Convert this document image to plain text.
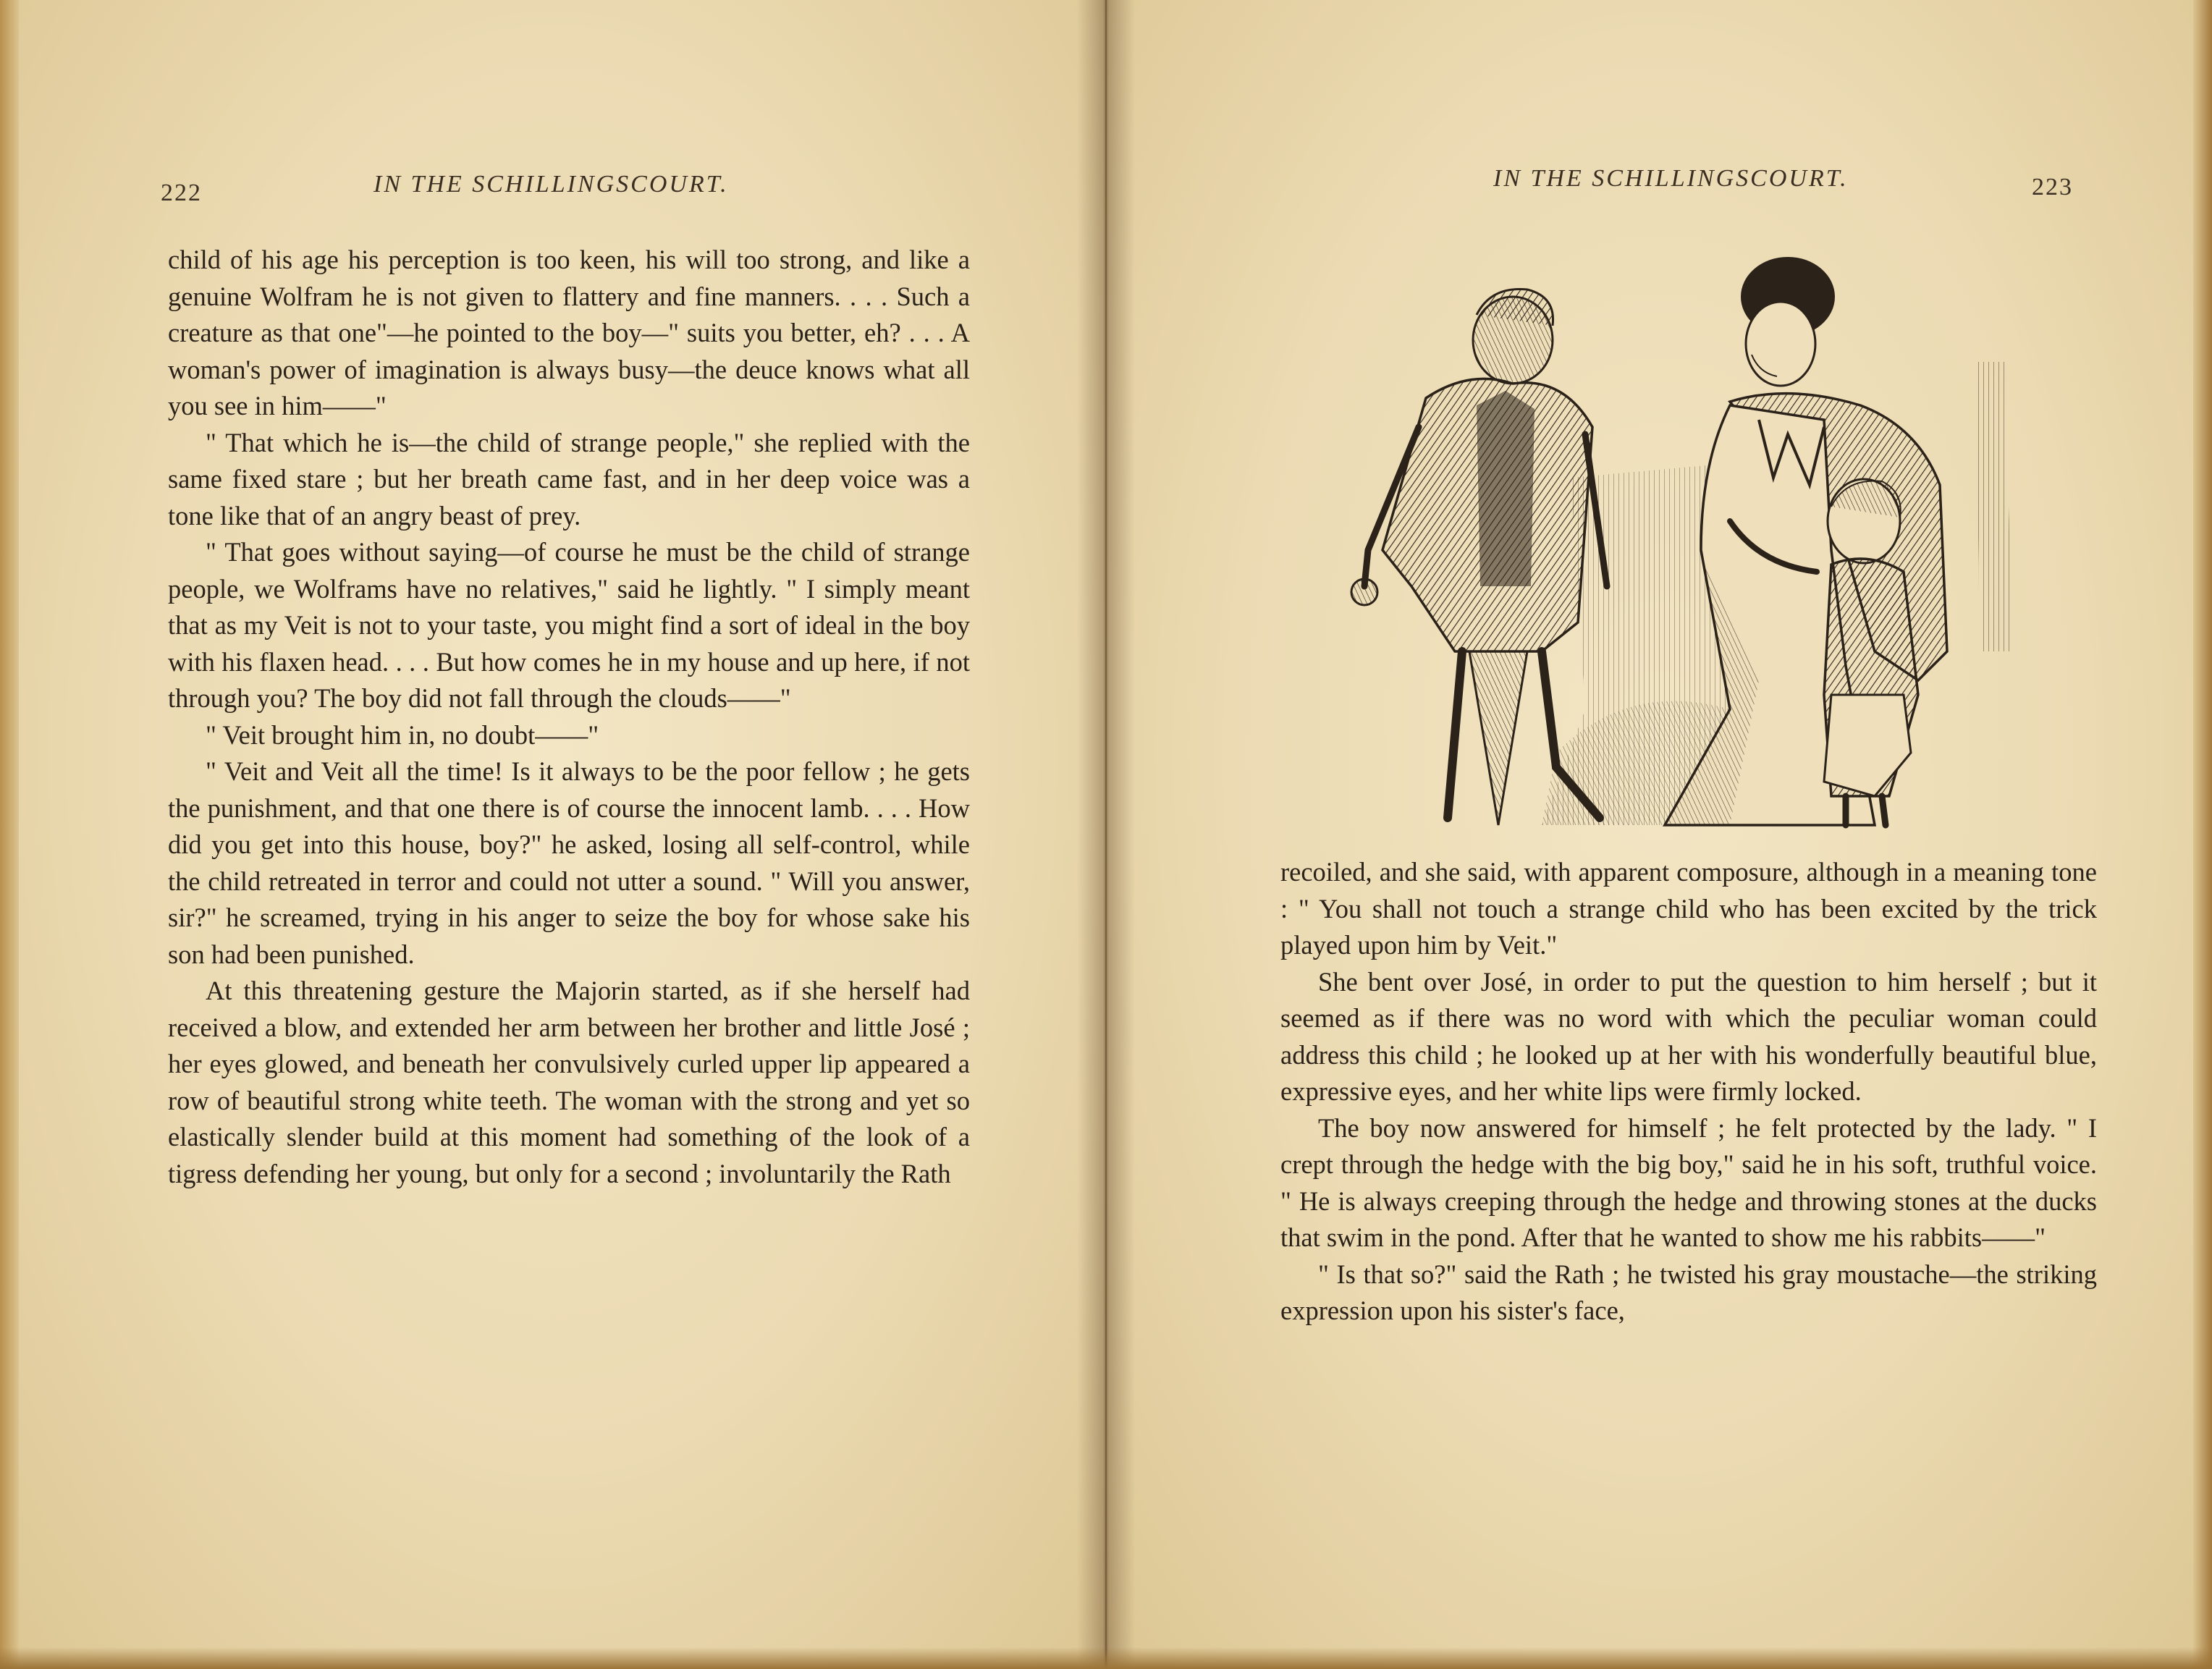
222	IN THE SCHILLINGSCOURT.

child of his age his perception is too keen, his will too strong, and like a genuine Wolfram he is not given to flattery and fine manners. . . . Such a creature as that one"—he pointed to the boy—" suits you better, eh? . . . A woman's power of imagination is always busy—the deuce knows what all you see in him——"

" That which he is—the child of strange people," she replied with the same fixed stare ; but her breath came fast, and in her deep voice was a tone like that of an angry beast of prey.

" That goes without saying—of course he must be the child of strange people, we Wolframs have no relatives," said he lightly. " I simply meant that as my Veit is not to your taste, you might find a sort of ideal in the boy with his flaxen head. . . . But how comes he in my house and up here, if not through you? The boy did not fall through the clouds——"

" Veit brought him in, no doubt——"

" Veit and Veit all the time! Is it always to be the poor fellow ; he gets the punishment, and that one there is of course the innocent lamb. . . . How did you get into this house, boy?" he asked, losing all self-control, while the child retreated in terror and could not utter a sound. " Will you answer, sir?" he screamed, trying in his anger to seize the boy for whose sake his son had been punished.

At this threatening gesture the Majorin started, as if she herself had received a blow, and extended her arm between her brother and little José ; her eyes glowed, and beneath her convulsively curled upper lip appeared a row of beautiful strong white teeth. The woman with the strong and yet so elastically slender build at this moment had something of the look of a tigress defending her young, but only for a second ; involuntarily the Rath

IN THE SCHILLINGSCOURT.	223

recoiled, and she said, with apparent composure, although in a meaning tone : " You shall not touch a strange child who has been excited by the trick played upon him by Veit."

She bent over José, in order to put the question to him herself ; but it seemed as if there was no word with which the peculiar woman could address this child ; he looked up at her with his wonderfully beautiful blue, expressive eyes, and her white lips were firmly locked.

The boy now answered for himself ; he felt protected by the lady. " I crept through the hedge with the big boy," said he in his soft, truthful voice. " He is always creeping through the hedge and throwing stones at the ducks that swim in the pond. After that he wanted to show me his rabbits——"

" Is that so?" said the Rath ; he twisted his gray moustache—the striking expression upon his sister's face,
